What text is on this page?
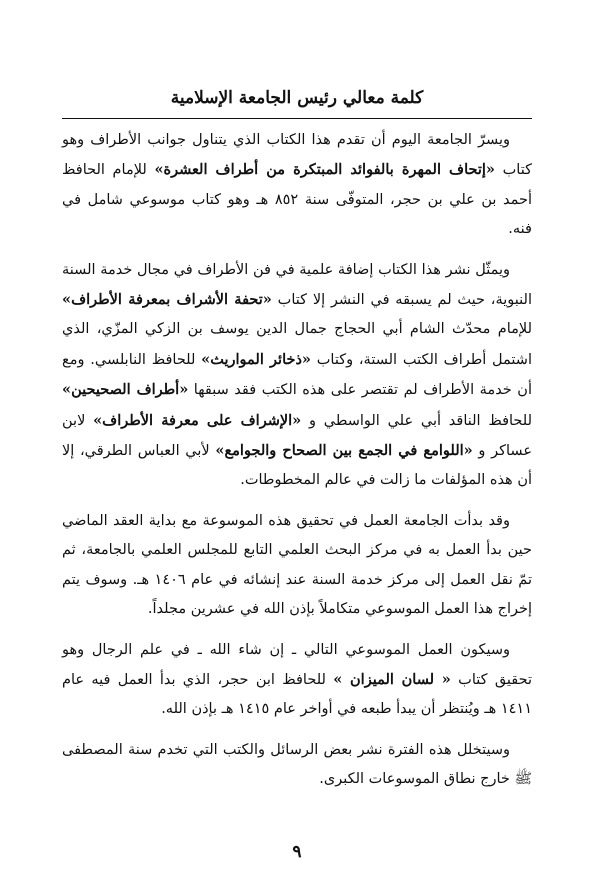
كلمة معالي رئيس الجامعة الإسلامية

ويسرّ الجامعة اليوم أن تقدم هذا الكتاب الذي يتناول جوانب الأطراف وهو كتاب «إتحاف المهرة بالفوائد المبتكرة من أطراف العشرة» للإمام الحافظ أحمد بن علي بن حجر، المتوفّى سنة ٨٥٢ هـ وهو كتاب موسوعي شامل في فنه.

ويمثّل نشر هذا الكتاب إضافة علمية في فن الأطراف في مجال خدمة السنة النبوية، حيث لم يسبقه في النشر إلا كتاب «تحفة الأشراف بمعرفة الأطراف» للإمام محدّث الشام أبي الحجاج جمال الدين يوسف بن الزكي المزّي، الذي اشتمل أطراف الكتب الستة، وكتاب «ذخائر المواريث» للحافظ النابلسي. ومع أن خدمة الأطراف لم تقتصر على هذه الكتب فقد سبقها «أطراف الصحيحين» للحافظ الناقد أبي علي الواسطي و «الإشراف على معرفة الأطراف» لابن عساكر و «اللوامع في الجمع بين الصحاح والجوامع» لأبي العباس الطرقي، إلا أن هذه المؤلفات ما زالت في عالم المخطوطات.

وقد بدأت الجامعة العمل في تحقيق هذه الموسوعة مع بداية العقد الماضي حين بدأ العمل به في مركز البحث العلمي التابع للمجلس العلمي بالجامعة، ثم تمّ نقل العمل إلى مركز خدمة السنة عند إنشائه في عام ١٤٠٦ هـ. وسوف يتم إخراج هذا العمل الموسوعي متكاملاً بإذن الله في عشرين مجلداً.

وسيكون العمل الموسوعي التالي ـ إن شاء الله ـ في علم الرجال وهو تحقيق كتاب « لسان الميزان » للحافظ ابن حجر، الذي بدأ العمل فيه عام ١٤١١ هـ ويُنتظر أن يبدأ طبعه في أواخر عام ١٤١٥ هـ بإذن الله.

وسيتخلل هذه الفترة نشر بعض الرسائل والكتب التي تخدم سنة المصطفى ﷺ خارج نطاق الموسوعات الكبرى.

٩
